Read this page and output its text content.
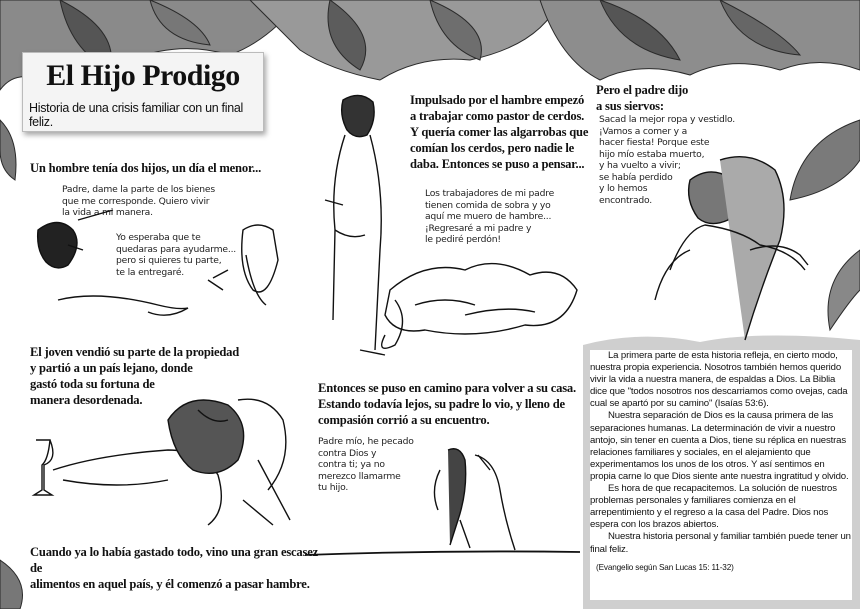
El Hijo Prodigo
Historia de una crisis familiar con un final feliz.
Un hombre tenía dos hijos, un día el menor...
Padre, dame la parte de los bienes
que me corresponde. Quiero vivir
la vida a mi manera.
Yo esperaba que te
quedaras para ayudarme...
pero si quieres tu parte,
te la entregaré.
El joven vendió su parte de la propiedad
y partió a un país lejano, donde
gastó toda su fortuna de
manera desordenada.
Cuando ya lo había gastado todo, vino una gran escasez de
alimentos en aquel país, y él comenzó a pasar hambre.
Impulsado por el hambre empezó
a trabajar como pastor de cerdos.
Y quería comer las algarrobas que
comían los cerdos, pero nadie le
daba. Entonces se puso a pensar...
Los trabajadores de mi padre
tienen comida de sobra y yo
aquí me muero de hambre...
¡Regresaré a mi padre y
le pediré perdón!
Entonces se puso en camino para volver a su casa.
Estando todavía lejos, su padre lo vio, y lleno de
compasión corrió a su encuentro.
Padre mío, he pecado
contra Dios y
contra ti; ya no
merezco llamarme
tu hijo.
Pero el padre dijo
a sus siervos:
Sacad la mejor ropa y vestidlo.
¡Vamos a comer y a
hacer fiesta! Porque este
hijo mío estaba muerto,
y ha vuelto a vivir;
se había perdido
y lo hemos
encontrado.

La primera parte de esta historia refleja, en cierto modo, nuestra propia experiencia. Nosotros también hemos querido vivir la vida a nuestra manera, de espaldas a Dios. La Biblia dice que "todos nosotros nos descarriamos como ovejas, cada cual se apartó por su camino" (Isaías 53:6).

Nuestra separación de Dios es la causa primera de las separaciones humanas. La determinación de vivir a nuestro antojo, sin tener en cuenta a Dios, tiene su réplica en nuestras relaciones familiares y sociales, en el alejamiento que experimentamos los unos de los otros. Y así sentimos en propia carne lo que Dios siente ante nuestra ingratitud y olvido.

Es hora de que recapacitemos. La solución de nuestros problemas personales y familiares comienza en el arrepentimiento y el regreso a la casa del Padre. Dios nos espera con los brazos abiertos.

Nuestra historia personal y familiar también puede tener un final feliz.

(Evangelio según San Lucas 15: 11-32)
